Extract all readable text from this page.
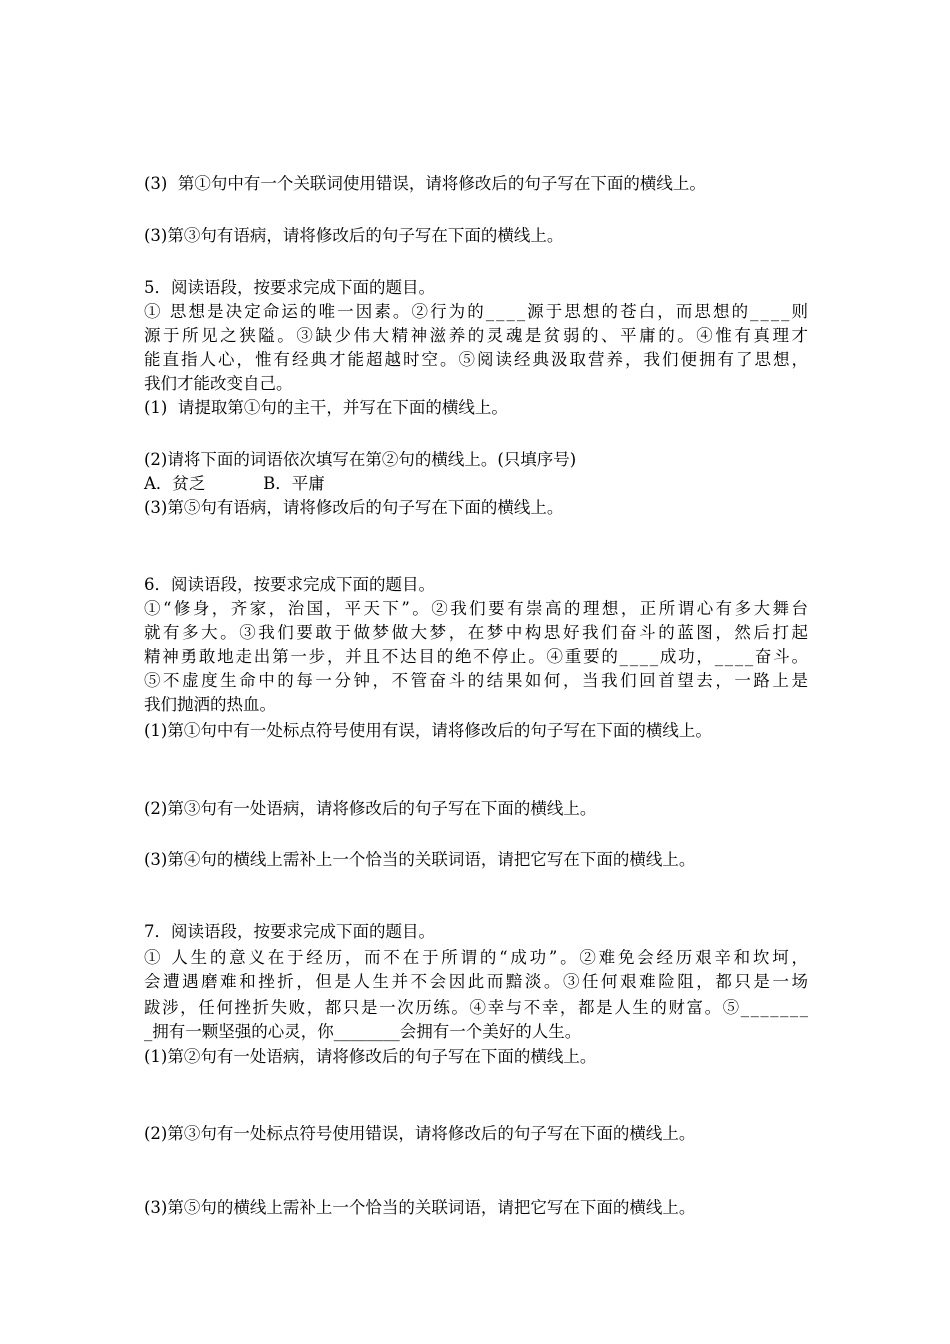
(3)  第①句中有一个关联词使用错误，请将修改后的句子写在下面的横线上。
(3)第③句有语病，请将修改后的句子写在下面的横线上。
5．阅读语段，按要求完成下面的题目。
① 思想是决定命运的唯一因素。②行为的____源于思想的苍白，而思想的____则
源于所见之狭隘。③缺少伟大精神滋养的灵魂是贫弱的、平庸的。④惟有真理才
能直指人心，惟有经典才能超越时空。⑤阅读经典汲取营养，我们便拥有了思想，
我们才能改变自己。
(1)  请提取第①句的主干，并写在下面的横线上。
(2)请将下面的词语依次填写在第②句的横线上。(只填序号)
A．贫乏           B．平庸
(3)第⑤句有语病，请将修改后的句子写在下面的横线上。
6．阅读语段，按要求完成下面的题目。
①“修身，齐家，治国，平天下”。②我们要有崇高的理想，正所谓心有多大舞台
就有多大。③我们要敢于做梦做大梦，在梦中构思好我们奋斗的蓝图，然后打起
精神勇敢地走出第一步，并且不达目的绝不停止。④重要的____成功，____奋斗。
⑤不虚度生命中的每一分钟，不管奋斗的结果如何，当我们回首望去，一路上是
我们抛洒的热血。
(1)第①句中有一处标点符号使用有误，请将修改后的句子写在下面的横线上。
(2)第③句有一处语病，请将修改后的句子写在下面的横线上。
(3)第④句的横线上需补上一个恰当的关联词语，请把它写在下面的横线上。
7．阅读语段，按要求完成下面的题目。
① 人生的意义在于经历，而不在于所谓的“成功”。②难免会经历艰辛和坎坷，
会遭遇磨难和挫折，但是人生并不会因此而黯淡。③任何艰难险阻，都只是一场
跋涉，任何挫折失败，都只是一次历练。④幸与不幸，都是人生的财富。⑤_______
_拥有一颗坚强的心灵，你________会拥有一个美好的人生。
(1)第②句有一处语病，请将修改后的句子写在下面的横线上。
(2)第③句有一处标点符号使用错误，请将修改后的句子写在下面的横线上。
(3)第⑤句的横线上需补上一个恰当的关联词语，请把它写在下面的横线上。
